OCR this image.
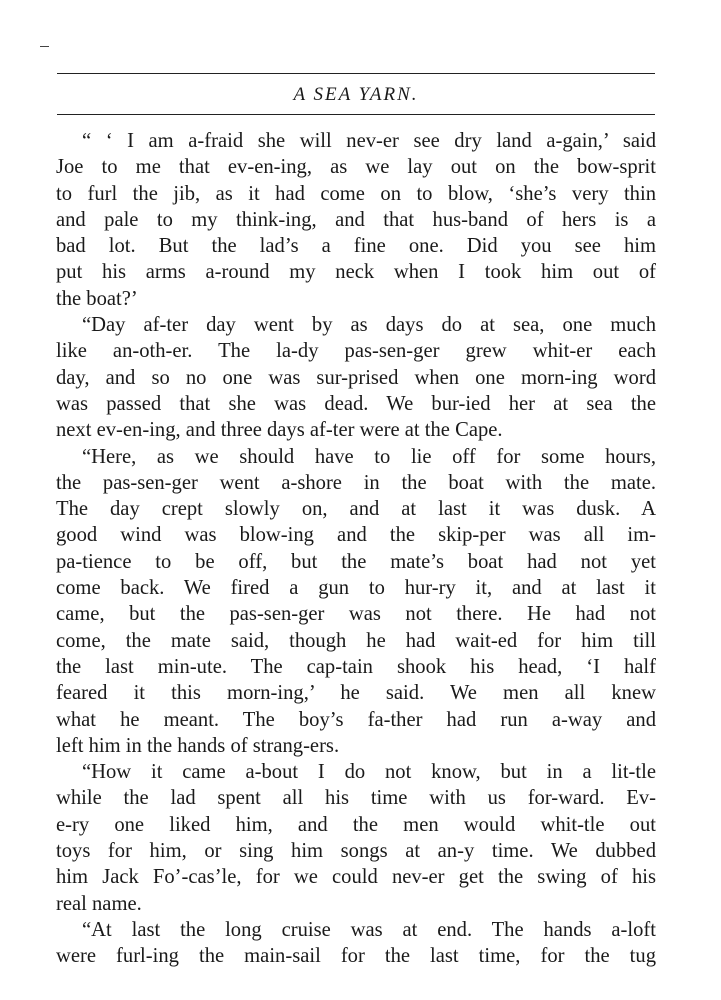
A SEA YARN.
“ ‘ I am a-fraid she will nev-er see dry land a-gain,’ said
Joe to me that ev-en-ing, as we lay out on the bow-sprit
to furl the jib, as it had come on to blow, ‘she’s very thin
and pale to my think-ing, and that hus-band of hers is a
bad lot. But the lad’s a fine one. Did you see him
put his arms a-round my neck when I took him out of
the boat?’
“Day af-ter day went by as days do at sea, one much
like an-oth-er. The la-dy pas-sen-ger grew whit-er each
day, and so no one was sur-prised when one morn-ing word
was passed that she was dead. We bur-ied her at sea the
next ev-en-ing, and three days af-ter were at the Cape.
“Here, as we should have to lie off for some hours,
the pas-sen-ger went a-shore in the boat with the mate.
The day crept slowly on, and at last it was dusk. A
good wind was blow-ing and the skip-per was all im-
pa-tience to be off, but the mate’s boat had not yet
come back. We fired a gun to hur-ry it, and at last it
came, but the pas-sen-ger was not there. He had not
come, the mate said, though he had wait-ed for him till
the last min-ute. The cap-tain shook his head, ‘I half
feared it this morn-ing,’ he said. We men all knew
what he meant. The boy’s fa-ther had run a-way and
left him in the hands of strang-ers.
“How it came a-bout I do not know, but in a lit-tle
while the lad spent all his time with us for-ward. Ev-
e-ry one liked him, and the men would whit-tle out
toys for him, or sing him songs at an-y time. We dubbed
him Jack Fo’-cas’le, for we could nev-er get the swing of his
real name.
“At last the long cruise was at end. The hands a-loft
were furl-ing the main-sail for the last time, for the tug
